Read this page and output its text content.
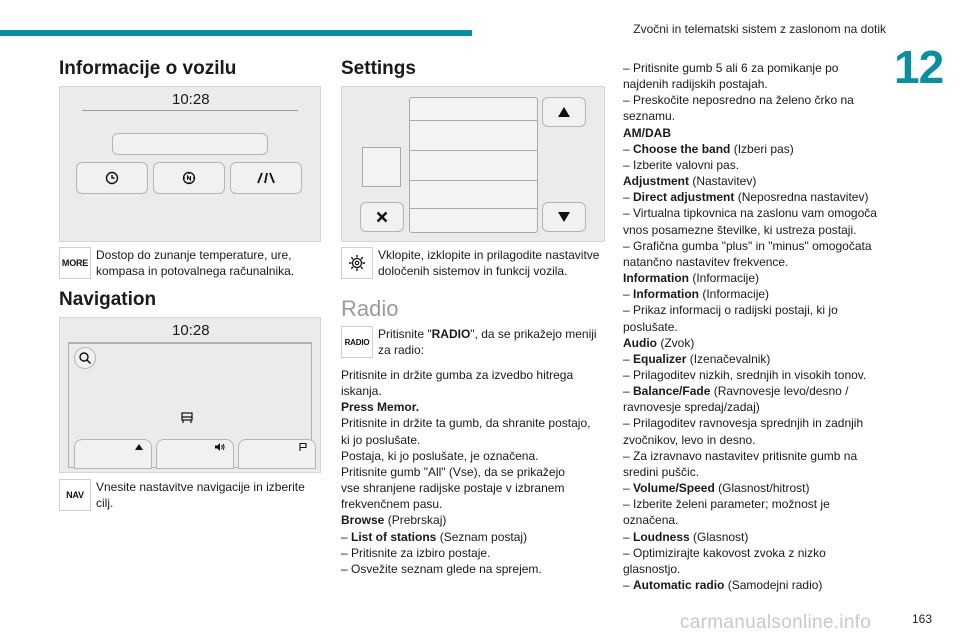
Zvočni in telematski sistem z zaslonom na dotik
12
Informacije o vozilu
10:28
MORE
Dostop do zunanje temperature, ure, kompasa in potovalnega računalnika.
Navigation
10:28
NAV
Vnesite nastavitve navigacije in izberite cilj.
Settings
Vklopite, izklopite in prilagodite nastavitve določenih sistemov in funkcij vozila.
Radio
RADIO
Pritisnite "RADIO", da se prikažejo meniji za radio:

Pritisnite in držite gumba za izvedbo hitrega

iskanja.

Press Memor.

Pritisnite in držite ta gumb, da shranite postajo,

ki jo poslušate.

Postaja, ki jo poslušate, je označena.

Pritisnite gumb "All" (Vse), da se prikažejo

vse shranjene radijske postaje v izbranem

frekvenčnem pasu.

Browse (Prebrskaj)

– List of stations (Seznam postaj)

– Pritisnite za izbiro postaje.

– Osvežite seznam glede na sprejem.

– Pritisnite gumb 5 ali 6 za pomikanje po

najdenih radijskih postajah.

– Preskočite neposredno na želeno črko na

seznamu.

AM/DAB

– Choose the band (Izberi pas)

– Izberite valovni pas.

Adjustment (Nastavitev)

– Direct adjustment (Neposredna nastavitev)

– Virtualna tipkovnica na zaslonu vam omogoča

vnos posamezne številke, ki ustreza postaji.

– Grafična gumba "plus" in "minus" omogočata

natančno nastavitev frekvence.

Information (Informacije)

– Information (Informacije)

– Prikaz informacij o radijski postaji, ki jo

poslušate.

Audio (Zvok)

– Equalizer (Izenačevalnik)

– Prilagoditev nizkih, srednjih in visokih tonov.

– Balance/Fade (Ravnovesje levo/desno /

ravnovesje spredaj/zadaj)

– Prilagoditev ravnovesja sprednjih in zadnjih

zvočnikov, levo in desno.

– Za izravnavo nastavitev pritisnite gumb na

sredini puščic.

– Volume/Speed (Glasnost/hitrost)

– Izberite želeni parameter; možnost je

označena.

– Loudness (Glasnost)

– Optimizirajte kakovost zvoka z nizko

glasnostjo.

– Automatic radio (Samodejni radio)

carmanualsonline.info	163
